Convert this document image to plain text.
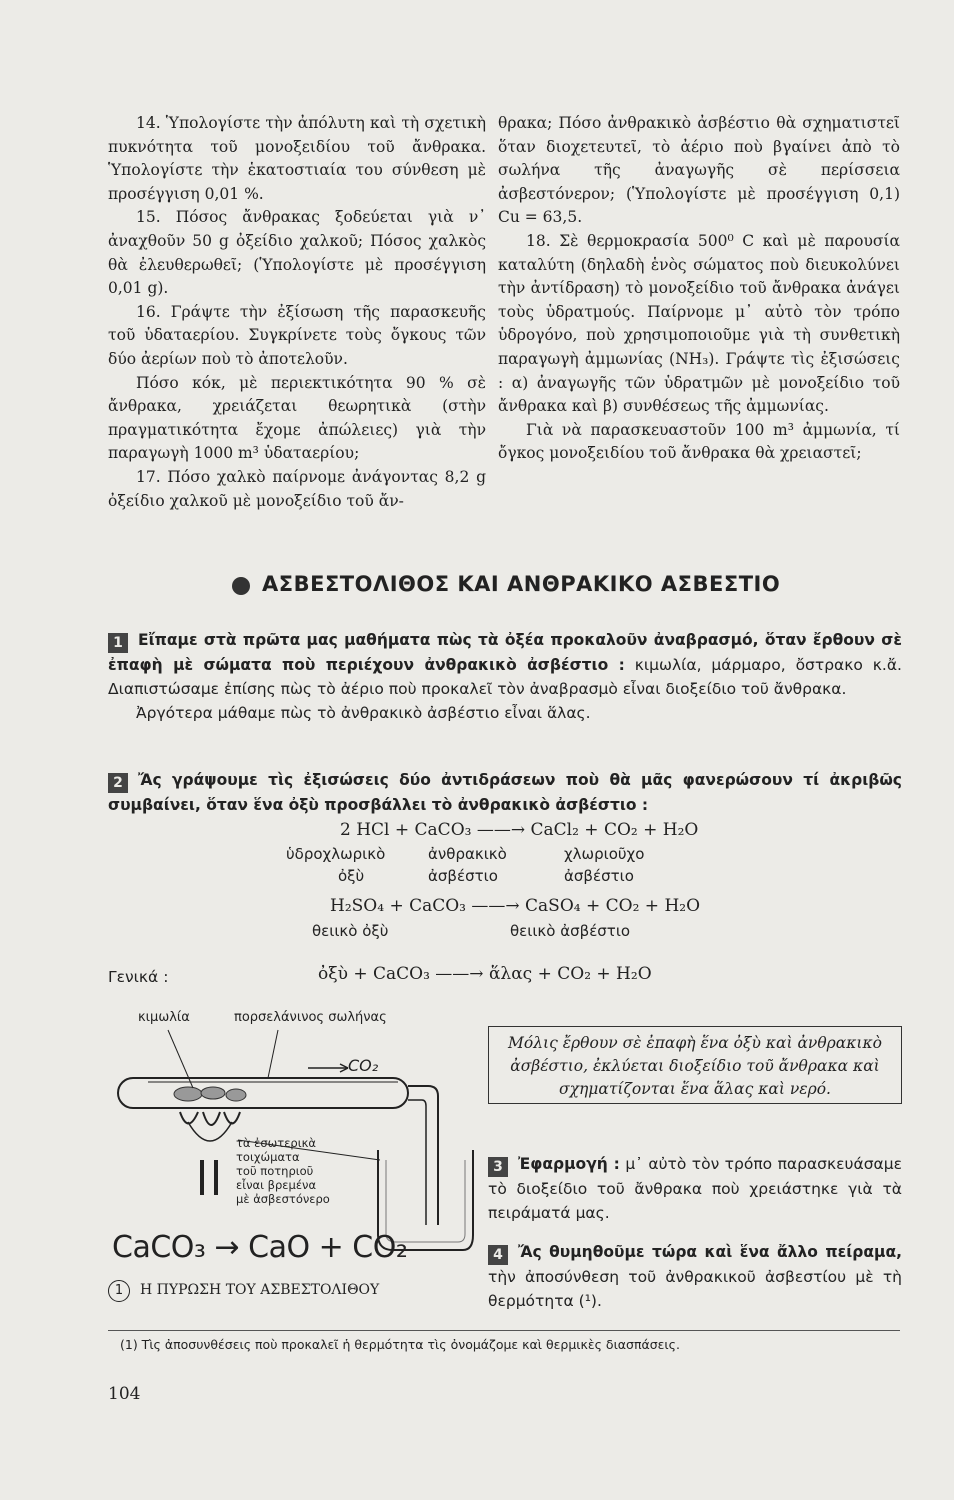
14. Ὑπολογίστε τὴν ἀπόλυτη καὶ τὴ σχετικὴ πυκνότητα τοῦ μονοξειδίου τοῦ ἄνθρακα. Ὑπολογίστε τὴν ἑκατοστιαία του σύνθεση μὲ προσέγγιση 0,01 %.

15. Πόσος ἄνθρακας ξοδεύεται γιὰ ν᾽ ἀναχθοῦν 50 g ὀξείδιο χαλκοῦ; Πόσος χαλκὸς θὰ ἐλευθερωθεῖ; (Ὑπολογίστε μὲ προσέγγιση 0,01 g).

16. Γράψτε τὴν ἐξίσωση τῆς παρασκευῆς τοῦ ὑδαταερίου. Συγκρίνετε τοὺς ὄγκους τῶν δύο ἀερίων ποὺ τὸ ἀποτελοῦν.

Πόσο κόκ, μὲ περιεκτικότητα 90 % σὲ ἄνθρακα, χρειάζεται θεωρητικὰ (στὴν πραγματικότητα ἔχομε ἀπώλειες) γιὰ τὴν παραγωγὴ 1000 m³ ὑδαταερίου;

17. Πόσο χαλκὸ παίρνομε ἀνάγοντας 8,2 g ὀξείδιο χαλκοῦ μὲ μονοξείδιο τοῦ ἄν-

θρακα; Πόσο ἀνθρακικὸ ἀσβέστιο θὰ σχηματιστεῖ ὅταν διοχετευτεῖ, τὸ ἀέριο ποὺ βγαίνει ἀπὸ τὸ σωλήνα τῆς ἀναγωγῆς σὲ περίσσεια ἀσβεστόνερον; (Ὑπολογίστε μὲ προσέγγιση 0,1) Cu = 63,5.

18. Σὲ θερμοκρασία 500⁰ C καὶ μὲ παρουσία καταλύτη (δηλαδὴ ἑνὸς σώματος ποὺ διευκολύνει τὴν ἀντίδραση) τὸ μονοξείδιο τοῦ ἄνθρακα ἀνάγει τοὺς ὑδρατμούς. Παίρνομε μ᾽ αὐτὸ τὸν τρόπο ὑδρογόνο, ποὺ χρησιμοποιοῦμε γιὰ τὴ συνθετικὴ παραγωγὴ ἀμμωνίας (NH₃). Γράψτε τὶς ἐξισώσεις : α) ἀναγωγῆς τῶν ὑδρατμῶν μὲ μονοξείδιο τοῦ ἄνθρακα καὶ β) συνθέσεως τῆς ἀμμωνίας.

Γιὰ νὰ παρασκευαστοῦν 100 m³ ἀμμωνία, τί ὄγκος μονοξειδίου τοῦ ἄνθρακα θὰ χρειαστεῖ;

ΑΣΒΕΣΤΟΛΙΘΟΣ ΚΑΙ ΑΝΘΡΑΚΙΚΟ ΑΣΒΕΣΤΙΟ

1 Εἴπαμε στὰ πρῶτα μας μαθήματα πὼς τὰ ὀξέα προκαλοῦν ἀναβρασμό, ὅταν ἔρθουν σὲ ἐπαφὴ μὲ σώματα ποὺ περιέχουν ἀνθρακικὸ ἀσβέστιο : κιμωλία, μάρμαρο, ὄστρακο κ.ἄ. Διαπιστώσαμε ἐπίσης πὼς τὸ ἀέριο ποὺ προκαλεῖ τὸν ἀναβρασμὸ εἶναι διοξείδιο τοῦ ἄνθρακα.

Ἀργότερα μάθαμε πὼς τὸ ἀνθρακικὸ ἀσβέστιο εἶναι ἅλας.

2 Ἄς γράψουμε τὶς ἐξισώσεις δύο ἀντιδράσεων ποὺ θὰ μᾶς φανερώσουν τί ἀκριβῶς συμβαίνει, ὅταν ἕνα ὀξὺ προσβάλλει τὸ ἀνθρακικὸ ἀσβέστιο :

2 HCl + CaCO₃ ——→ CaCl₂ + CO₂ + H₂O
ὑδροχλωρικὸ
ὀξὺ
ἀνθρακικὸ
ἀσβέστιο
χλωριοῦχο
ἀσβέστιο
H₂SO₄ + CaCO₃ ——→ CaSO₄ + CO₂ + H₂O
θειικὸ ὀξὺ	θειικὸ ἀσβέστιο
Γενικά :	ὀξὺ + CaCO₃ ——→ ἅλας + CO₂ + H₂O
κιμωλία	πορσελάνινος σωλήνας
CO₂
τὰ ἐσωτερικὰ
τοιχώματα
τοῦ ποτηριοῦ
εἶναι βρεμένα
μὲ ἀσβεστόνερο
CaCO₃ → CaO + CO₂
1	Η ΠΥΡΩΣΗ ΤΟΥ ΑΣΒΕΣΤΟΛΙΘΟΥ
Μόλις ἔρθουν σὲ ἐπαφὴ ἕνα ὀξὺ καὶ ἀνθρακικὸ ἀσβέστιο, ἐκλύεται διοξείδιο τοῦ ἄνθρακα καὶ σχηματίζονται ἕνα ἅλας καὶ νερό.

3 Ἐφαρμογή : μ᾽ αὐτὸ τὸν τρόπο παρασκευάσαμε τὸ διοξείδιο τοῦ ἄνθρακα ποὺ χρειάστηκε γιὰ τὰ πειράματά μας.

4 Ἄς θυμηθοῦμε τώρα καὶ ἕνα ἄλλο πείραμα, τὴν ἀποσύνθεση τοῦ ἀνθρακικοῦ ἀσβεστίου μὲ τὴ θερμότητα (¹).

(1) Τὶς ἀποσυνθέσεις ποὺ προκαλεῖ ἡ θερμότητα τὶς ὀνομάζομε καὶ θερμικὲς διασπάσεις.
104
